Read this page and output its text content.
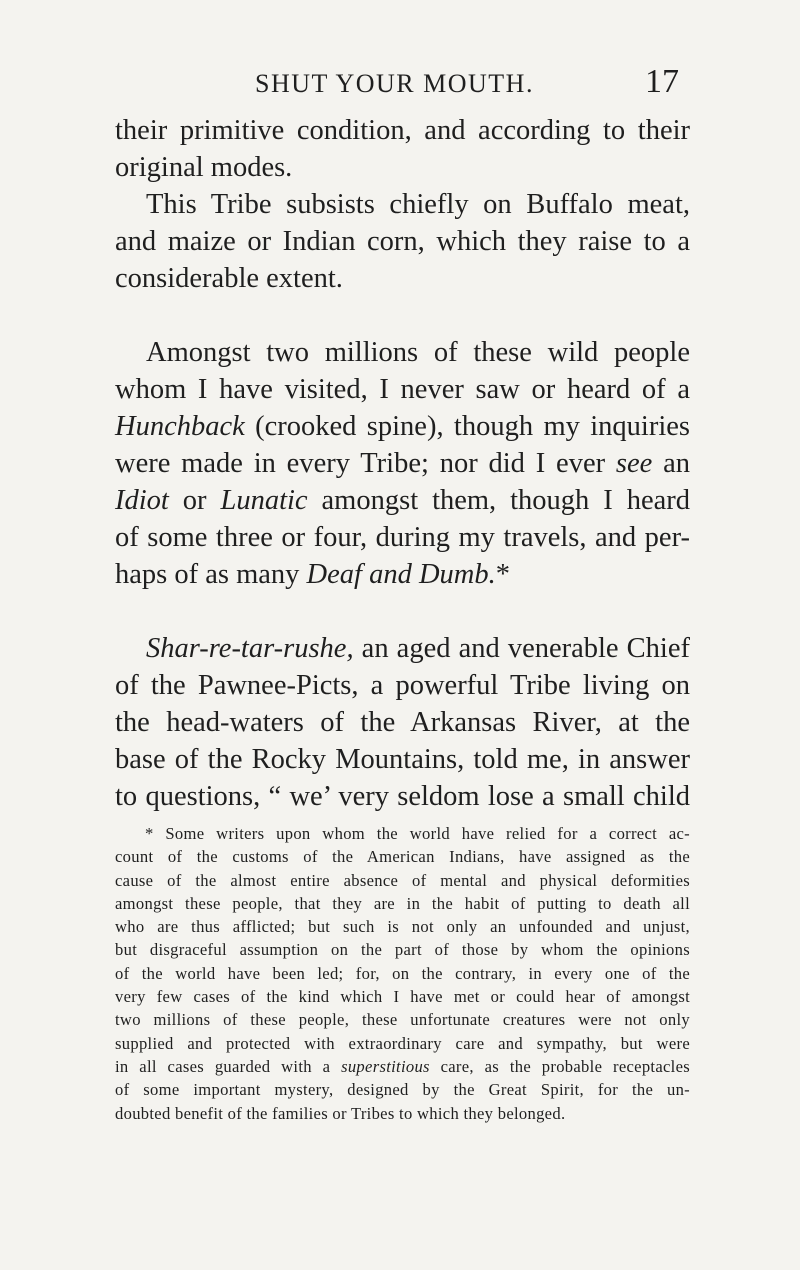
SHUT YOUR MOUTH.	17

their primitive condition, and according to their
original modes.

This Tribe subsists chiefly on Buffalo meat,
and maize or Indian corn, which they raise to a
considerable extent.

Amongst two millions of these wild people
whom I have visited, I never saw or heard of a
Hunchback (crooked spine), though my inquiries
were made in every Tribe; nor did I ever see an
Idiot or Lunatic amongst them, though I heard
of some three or four, during my travels, and per-
haps of as many Deaf and Dumb.*

Shar-re-tar-rushe, an aged and venerable Chief
of the Pawnee-Picts, a powerful Tribe living on
the head-waters of the Arkansas River, at the
base of the Rocky Mountains, told me, in answer
to questions, “ we’ very seldom lose a small child

* Some writers upon whom the world have relied for a correct ac-
count of the customs of the American Indians, have assigned as the
cause of the almost entire absence of mental and physical deformities
amongst these people, that they are in the habit of putting to death all
who are thus afflicted; but such is not only an unfounded and unjust,
but disgraceful assumption on the part of those by whom the opinions
of the world have been led; for, on the contrary, in every one of the
very few cases of the kind which I have met or could hear of amongst
two millions of these people, these unfortunate creatures were not only
supplied and protected with extraordinary care and sympathy, but were
in all cases guarded with a superstitious care, as the probable receptacles
of some important mystery, designed by the Great Spirit, for the un-
doubted benefit of the families or Tribes to which they belonged.
